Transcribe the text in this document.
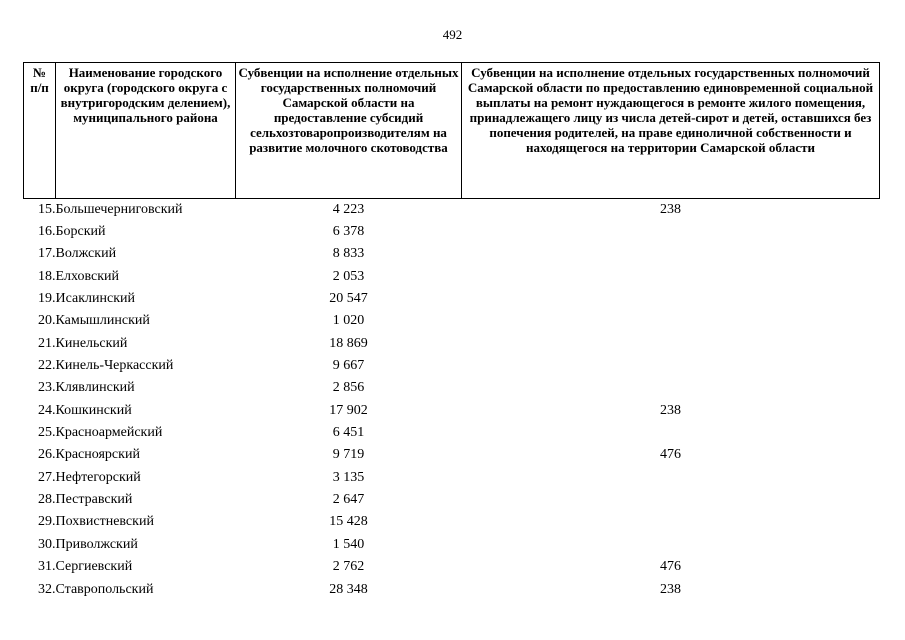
492
№ п/п	Наименование городского округа (городского округа с внутригородским делением), муниципального района	Субвенции на исполнение отдельных государственных полномочий Самарской области на предоставление субсидий сельхозтоваропроизводителям на развитие молочного скотоводства	Субвенции на исполнение отдельных государственных полномочий Самарской области по предоставлению единовременной социальной выплаты на ремонт нуждающегося в ремонте жилого помещения, принадлежащего лицу из числа детей-сирот и детей, оставшихся без попечения родителей, на праве единоличной собственности и находящегося на территории Самарской области
15.	Большечерниговский	4 223	238
16.	Борский	6 378	
17.	Волжский	8 833	
18.	Елховский	2 053	
19.	Исаклинский	20 547	
20.	Камышлинский	1 020	
21.	Кинельский	18 869	
22.	Кинель-Черкасский	9 667	
23.	Клявлинский	2 856	
24.	Кошкинский	17 902	238
25.	Красноармейский	6 451	
26.	Красноярский	9 719	476
27.	Нефтегорский	3 135	
28.	Пестравский	2 647	
29.	Похвистневский	15 428	
30.	Приволжский	1 540	
31.	Сергиевский	2 762	476
32.	Ставропольский	28 348	238
